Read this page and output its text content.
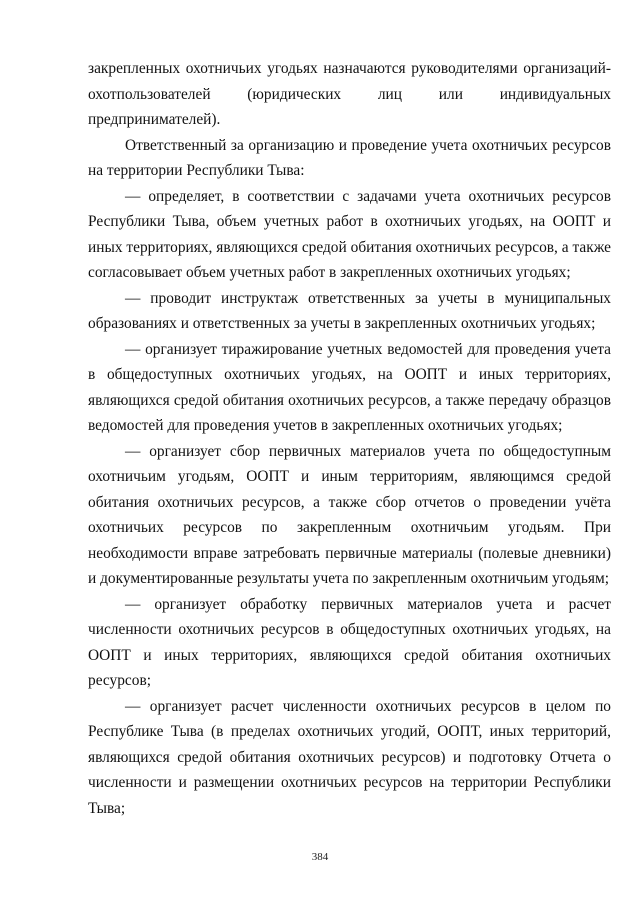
закрепленных охотничьих угодьях назначаются руководителями организаций-охотпользователей (юридических лиц или индивидуальных предпринимателей).

Ответственный за организацию и проведение учета охотничьих ресурсов на территории Республики Тыва:

— определяет, в соответствии с задачами учета охотничьих ресурсов Республики Тыва, объем учетных работ в охотничьих угодьях, на ООПТ и иных территориях, являющихся средой обитания охотничьих ресурсов, а также согласовывает объем учетных работ в закрепленных охотничьих угодьях;

— проводит инструктаж ответственных за учеты в муниципальных образованиях и ответственных за учеты в закрепленных охотничьих угодьях;

— организует тиражирование учетных ведомостей для проведения учета в общедоступных охотничьих угодьях, на ООПТ и иных территориях, являющихся средой обитания охотничьих ресурсов, а также передачу образцов ведомостей для проведения учетов в закрепленных охотничьих угодьях;

— организует сбор первичных материалов учета по общедоступным охотничьим угодьям, ООПТ и иным территориям, являющимся средой обитания охотничьих ресурсов, а также сбор отчетов о проведении учёта охотничьих ресурсов по закрепленным охотничьим угодьям. При необходимости вправе затребовать первичные материалы (полевые дневники) и документированные результаты учета по закрепленным охотничьим угодьям;

— организует обработку первичных материалов учета и расчет численности охотничьих ресурсов в общедоступных охотничьих угодьях, на ООПТ и иных территориях, являющихся средой обитания охотничьих ресурсов;

— организует расчет численности охотничьих ресурсов в целом по Республике Тыва (в пределах охотничьих угодий, ООПТ, иных территорий, являющихся средой обитания охотничьих ресурсов) и подготовку Отчета о численности и размещении охотничьих ресурсов на территории Республики Тыва;

384
